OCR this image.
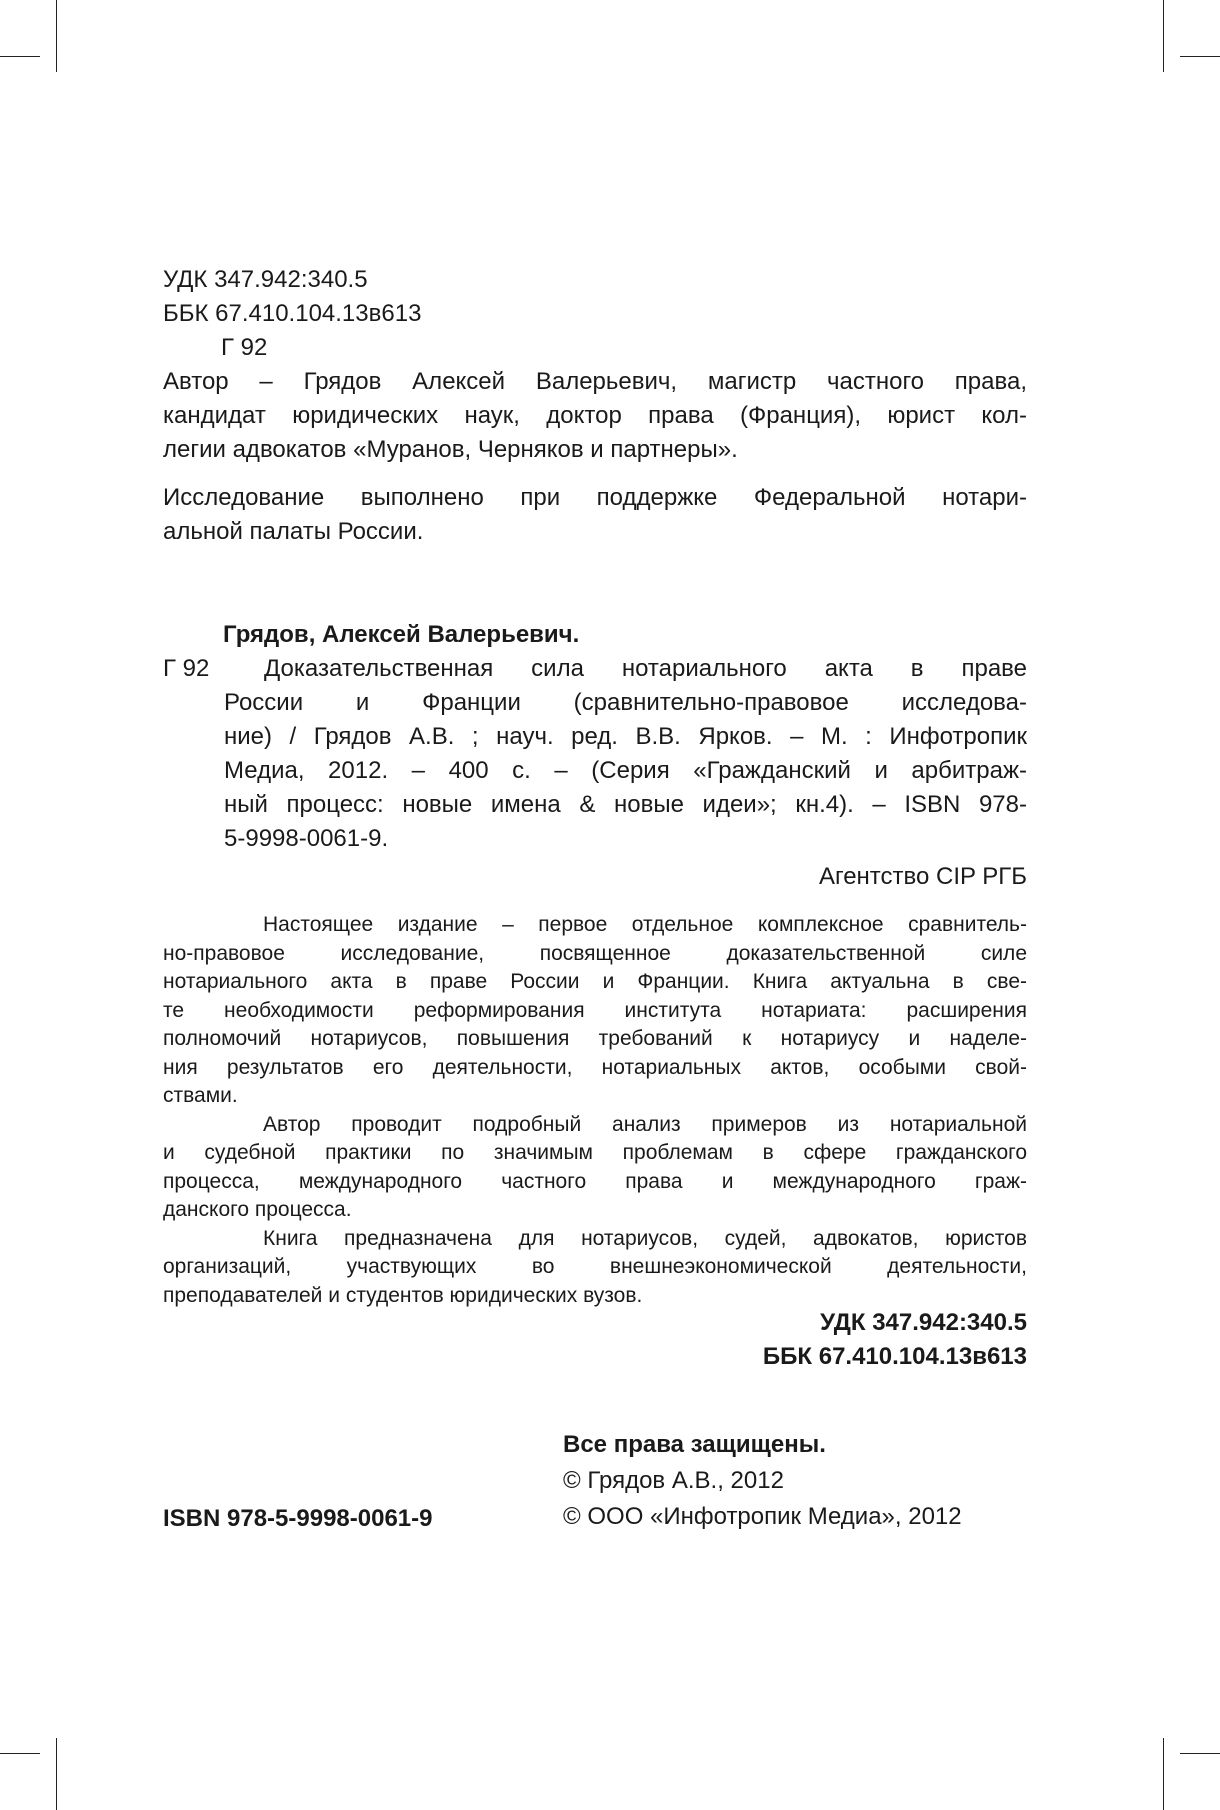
УДК 347.942:340.5
ББК 67.410.104.13в613
Г 92
Автор – Грядов Алексей Валерьевич, магистр частного права,
кандидат юридических наук, доктор права (Франция), юрист кол-
легии адвокатов «Муранов, Черняков и партнеры».
Исследование выполнено при поддержке Федеральной нотари-
альной палаты России.
Грядов, Алексей Валерьевич.
Г 92	Доказательственная сила нотариального акта в праве
России и Франции (сравнительно-правовое исследова-
ние) / Грядов А.В. ; науч. ред. В.В. Ярков. – М. : Инфотропик
Медиа, 2012. – 400 с. – (Серия «Гражданский и арбитраж-
ный процесс: новые имена & новые идеи»; кн.4). – ISBN 978-
5-9998-0061-9.
Агентство CIP РГБ
Настоящее издание – первое отдельное комплексное сравнитель-
но-правовое исследование, посвященное доказательственной силе
нотариального акта в праве России и Франции. Книга актуальна в све-
те необходимости реформирования института нотариата: расширения
полномочий нотариусов, повышения требований к нотариусу и наделе-
ния результатов его деятельности, нотариальных актов, особыми свой-
ствами.
Автор проводит подробный анализ примеров из нотариальной
и судебной практики по значимым проблемам в сфере гражданского
процесса, международного частного права и международного граж-
данского процесса.
Книга предназначена для нотариусов, судей, адвокатов, юристов
организаций, участвующих во внешнеэкономической деятельности,
преподавателей и студентов юридических вузов.
УДК 347.942:340.5
ББК 67.410.104.13в613
Все права защищены.
© Грядов А.В., 2012
© ООО «Инфотропик Медиа», 2012
ISBN 978-5-9998-0061-9
